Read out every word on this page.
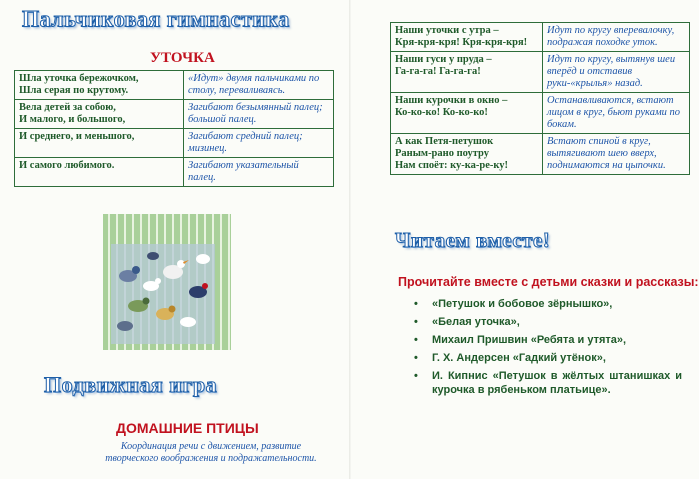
Пальчиковая гимнастика
УТОЧКА
Шла уточка бережочком,
Шла серая по крутому.	«Идут» двумя пальчиками по столу, переваливаясь.
Вела детей за собою,
И малого, и большого,	Загибают безымянный палец; большой палец.
И среднего, и меньшого,	Загибают средний палец; мизинец.
И самого любимого.	Загибают указательный палец.
Подвижная игра
ДОМАШНИЕ ПТИЦЫ
Координация речи с движением, развитие творческого воображения и подражательности.
Наши уточки с утра –
Кря-кря-кря! Кря-кря-кря!	Идут по кругу вперевалочку, подражая походке уток.
Наши гуси у пруда –
Га-га-га! Га-га-га!	Идут по кругу, вытянув шеи вперёд и отставив руки-«крылья» назад.
Наши курочки в окно –
Ко-ко-ко! Ко-ко-ко!	Останавливаются, встают лицом в круг, бьют руками по бокам.
А как Петя-петушок
Раным-рано поутру
Нам споёт: ку-ка-ре-ку!	Встают спиной в круг, вытягивают шею вверх, поднимаются на цыпочки.
Читаем вместе!
Прочитайте вместе с детьми сказки и рассказы:
• «Петушок и бобовое зёрнышко»,
• «Белая уточка»,
• Михаил Пришвин «Ребята и утята»,
• Г. Х. Андерсен «Гадкий утёнок»,
• И. Кипнис «Петушок в жёлтых штанишках и курочка в рябеньком платьице».
